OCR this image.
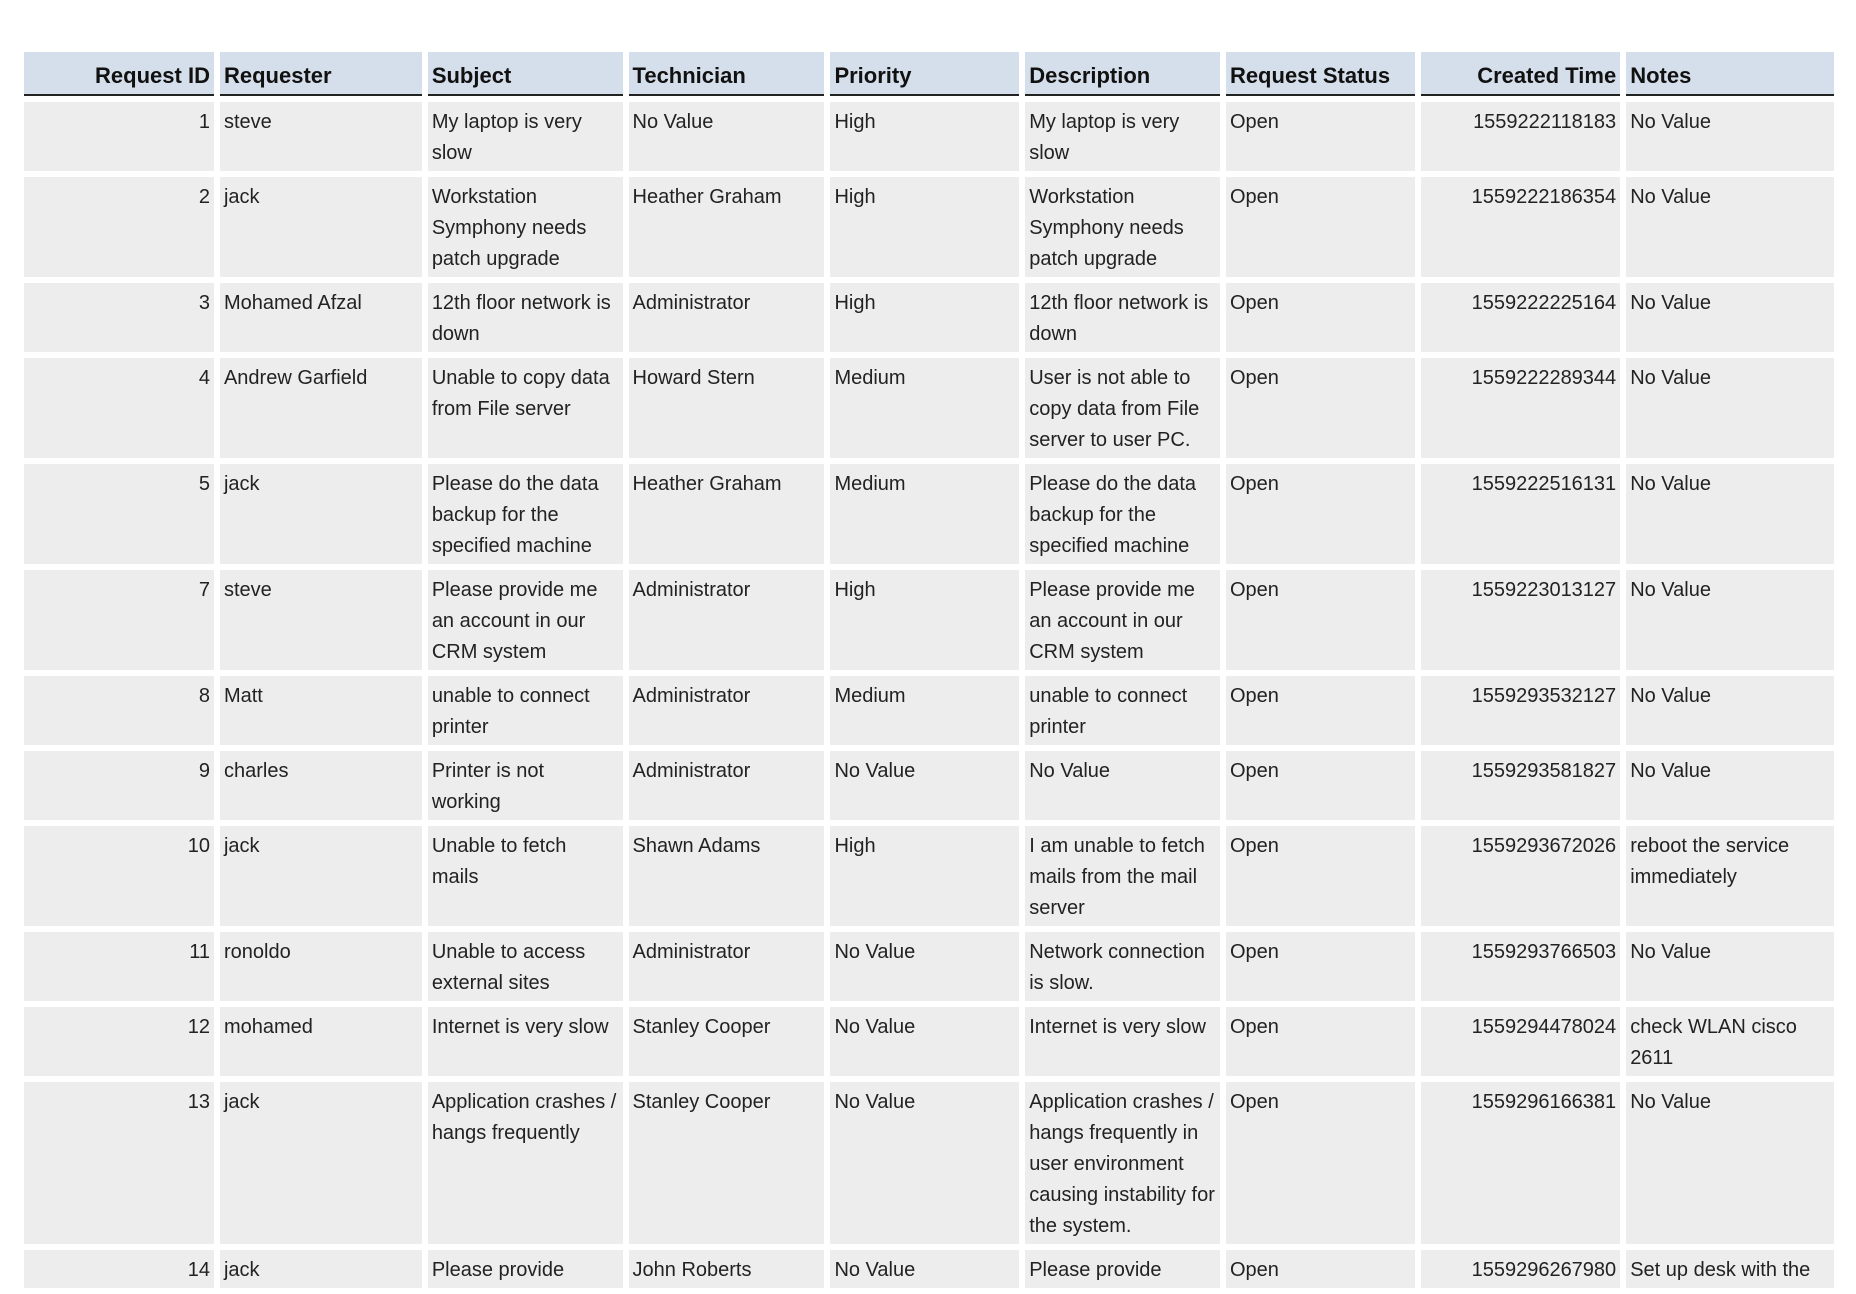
Request ID	Requester	Subject	Technician	Priority	Description	Request Status	Created Time	Notes
1	steve	My laptop is very slow	No Value	High	My laptop is very slow	Open	1559222118183	No Value
2	jack	Workstation Symphony needs patch upgrade	Heather Graham	High	Workstation Symphony needs patch upgrade	Open	1559222186354	No Value
3	Mohamed Afzal	12th floor network is down	Administrator	High	12th floor network is down	Open	1559222225164	No Value
4	Andrew Garfield	Unable to copy data from File server	Howard Stern	Medium	User is not able to copy data from File server to user PC.	Open	1559222289344	No Value
5	jack	Please do the data backup for the specified machine	Heather Graham	Medium	Please do the data backup for the specified machine	Open	1559222516131	No Value
7	steve	Please provide me an account in our CRM system	Administrator	High	Please provide me an account in our CRM system	Open	1559223013127	No Value
8	Matt	unable to connect printer	Administrator	Medium	unable to connect printer	Open	1559293532127	No Value
9	charles	Printer is not working	Administrator	No Value	No Value	Open	1559293581827	No Value
10	jack	Unable to fetch mails	Shawn Adams	High	I am unable to fetch mails from the mail server	Open	1559293672026	reboot the service immediately
11	ronoldo	Unable to access external sites	Administrator	No Value	Network connection is slow.	Open	1559293766503	No Value
12	mohamed	Internet is very slow	Stanley Cooper	No Value	Internet is very slow	Open	1559294478024	check WLAN cisco 2611
13	jack	Application crashes / hangs frequently	Stanley Cooper	No Value	Application crashes / hangs frequently in user environment causing instability for the system.	Open	1559296166381	No Value
14	jack	Please provide	John Roberts	No Value	Please provide	Open	1559296267980	Set up desk with the
